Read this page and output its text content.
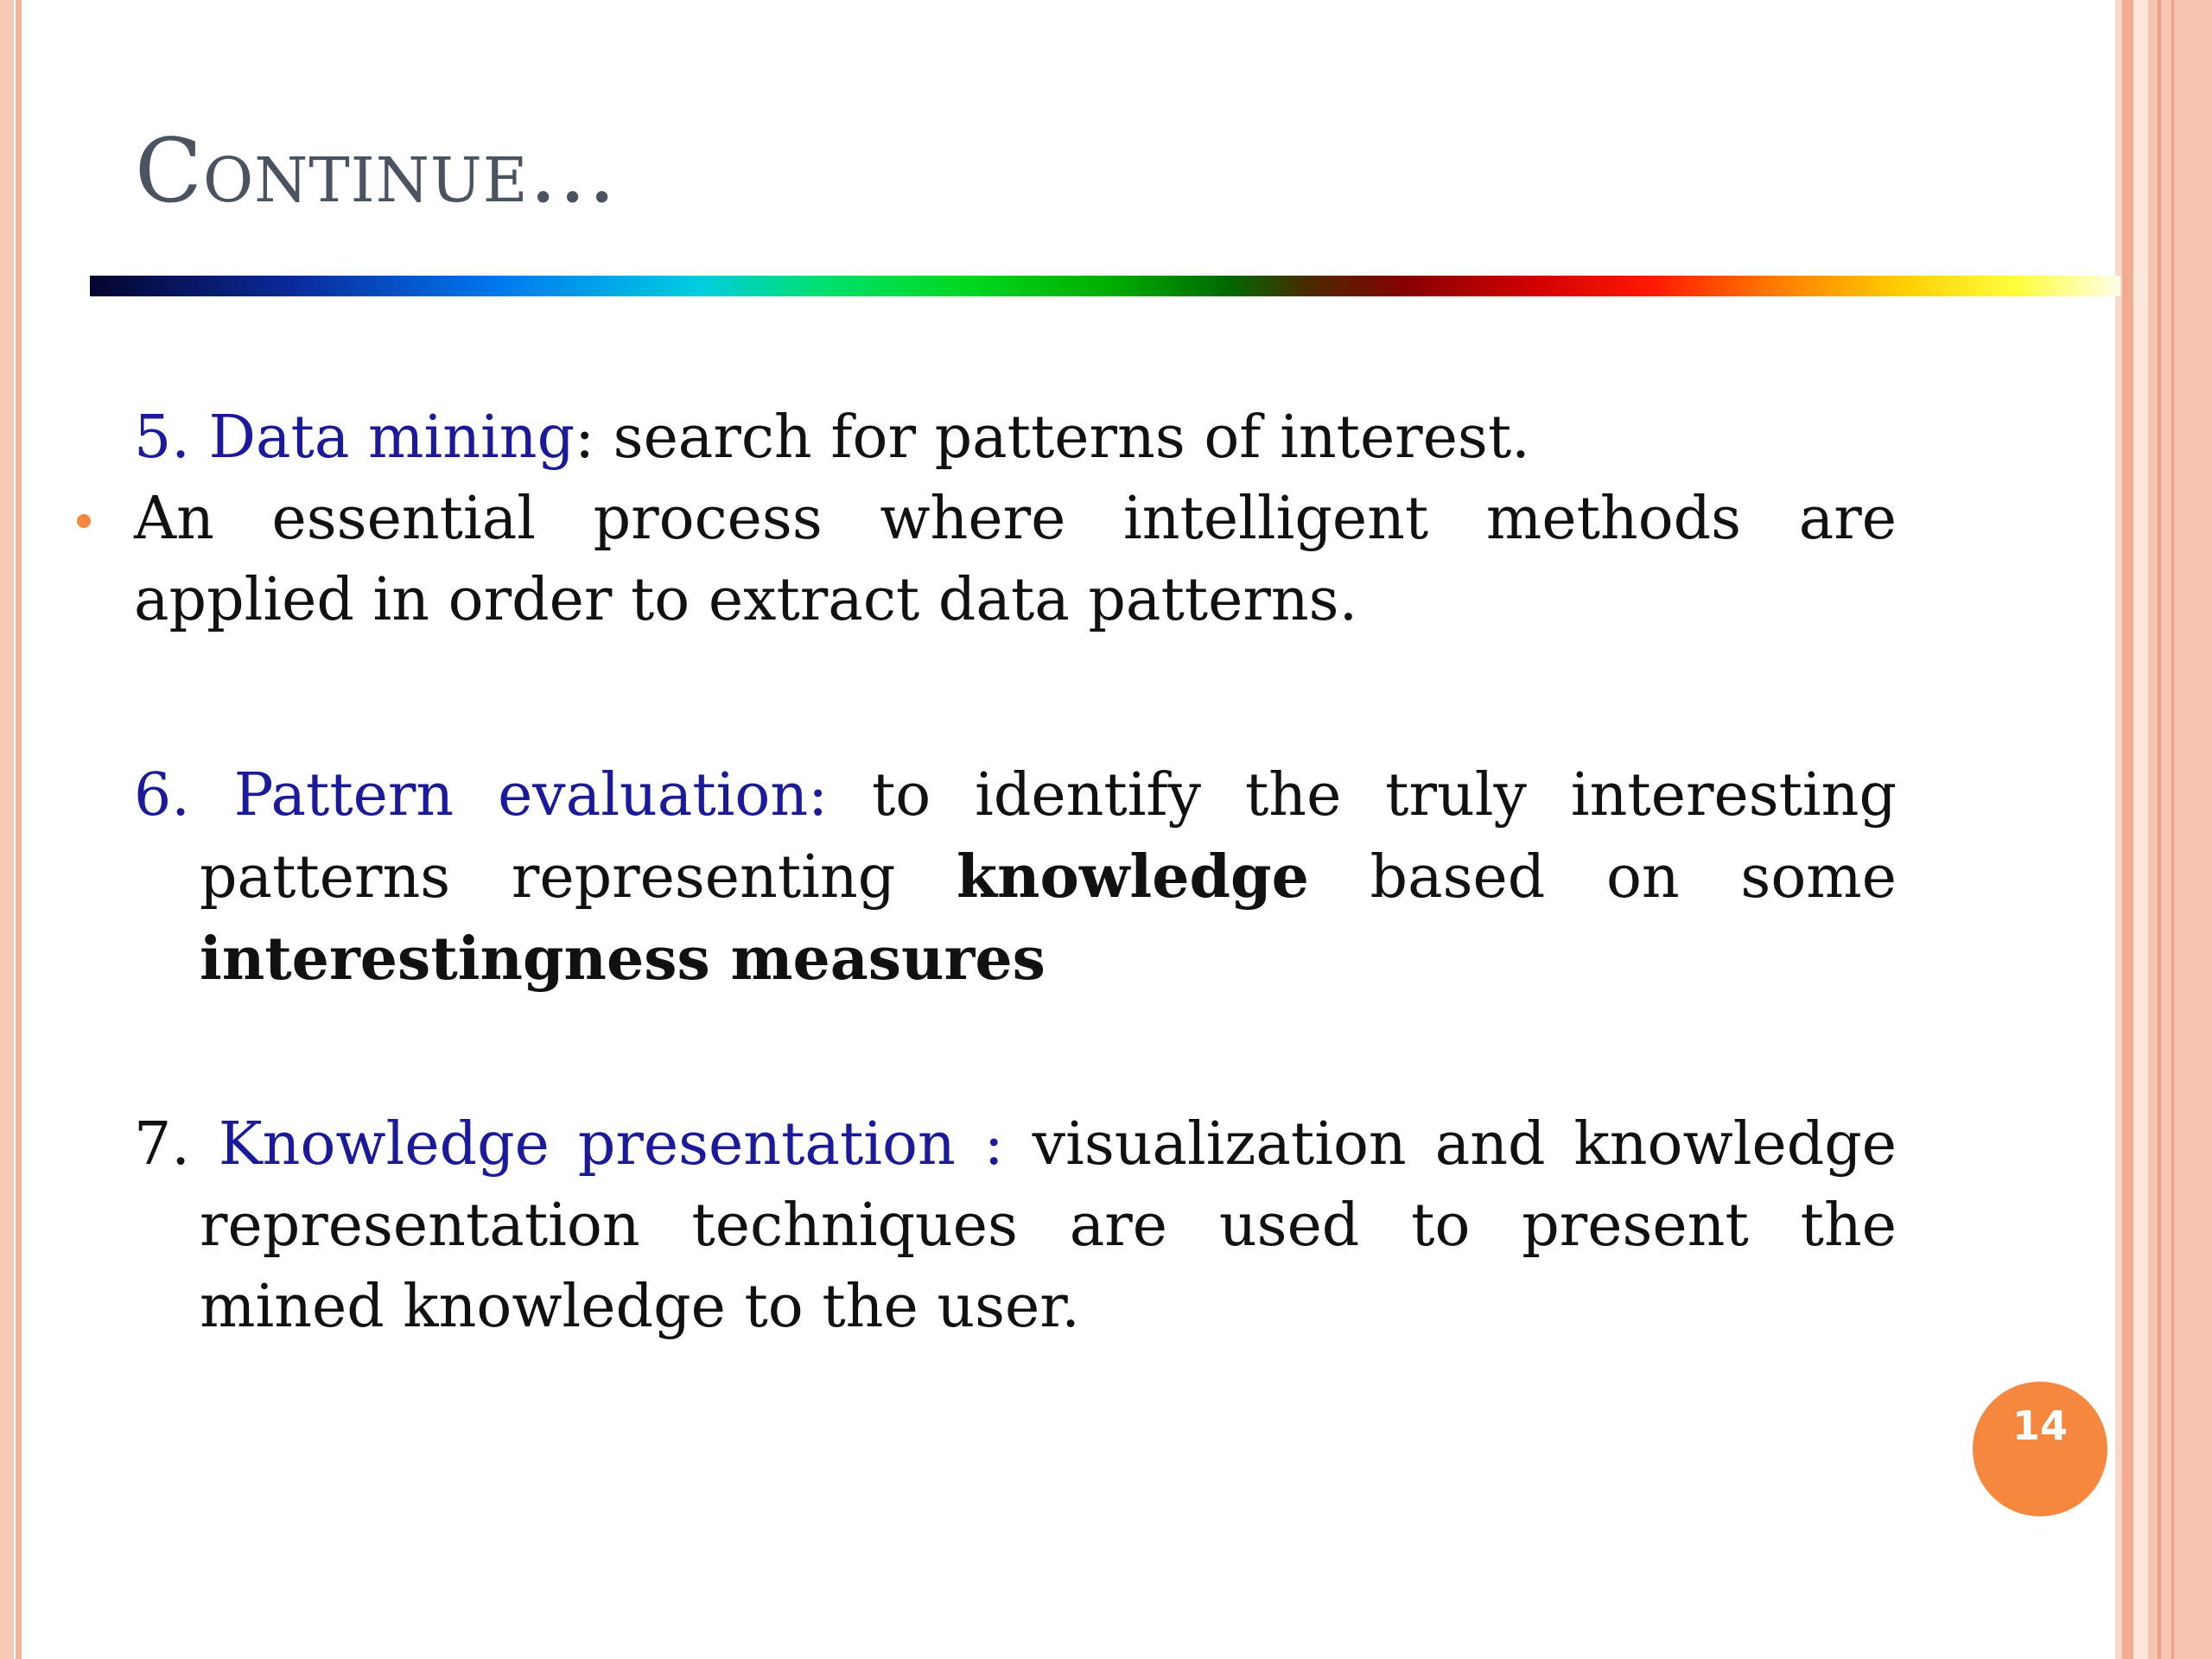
Continue…

5. Data mining: search for patterns of interest.

An essential process where intelligent methods are applied in order to extract data patterns.

6. Pattern evaluation: to identify the truly interesting patterns representing knowledge based on some interestingness measures

7. Knowledge presentation : visualization and knowledge representation techniques are used to present the mined knowledge to the user.

14
